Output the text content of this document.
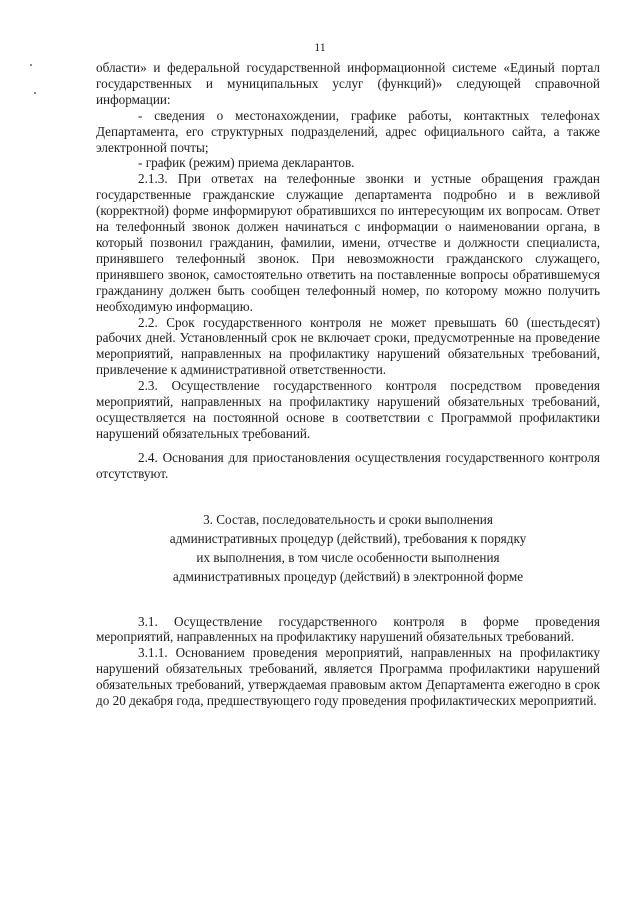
11

области» и федеральной государственной информационной системе «Единый портал государственных и муниципальных услуг (функций)» следующей справочной информации:

- сведения о местонахождении, графике работы, контактных телефонах Департамента, его структурных подразделений, адрес официального сайта, а также электронной почты;

- график (режим) приема декларантов.

2.1.3. При ответах на телефонные звонки и устные обращения граждан государственные гражданские служащие департамента подробно и в вежливой (корректной) форме информируют обратившихся по интересующим их вопросам. Ответ на телефонный звонок должен начинаться с информации о наименовании органа, в который позвонил гражданин, фамилии, имени, отчестве и должности специалиста, принявшего телефонный звонок. При невозможности гражданского служащего, принявшего звонок, самостоятельно ответить на поставленные вопросы обратившемуся гражданину должен быть сообщен телефонный номер, по которому можно получить необходимую информацию.

2.2. Срок государственного контроля не может превышать 60 (шестьдесят) рабочих дней. Установленный срок не включает сроки, предусмотренные на проведение мероприятий, направленных на профилактику нарушений обязательных требований, привлечение к административной ответственности.

2.3. Осуществление государственного контроля посредством проведения мероприятий, направленных на профилактику нарушений обязательных требований, осуществляется на постоянной основе в соответствии с Программой профилактики нарушений обязательных требований.

2.4. Основания для приостановления осуществления государственного контроля отсутствуют.

3. Состав, последовательность и сроки выполнения

административных процедур (действий), требования к порядку

их выполнения, в том числе особенности выполнения

административных процедур (действий) в электронной форме

3.1. Осуществление государственного контроля в форме проведения мероприятий, направленных на профилактику нарушений обязательных требований.

3.1.1. Основанием проведения мероприятий, направленных на профилактику нарушений обязательных требований, является Программа профилактики нарушений обязательных требований, утверждаемая правовым актом Департамента ежегодно в срок до 20 декабря года, предшествующего году проведения профилактических мероприятий.
